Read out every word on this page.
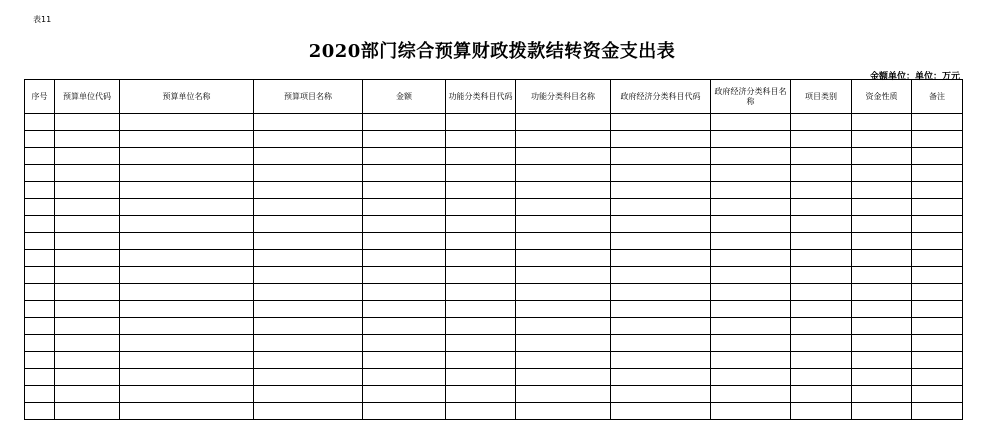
表11
2020部门综合预算财政拨款结转资金支出表
金额单位：单位：万元
序号	预算单位代码	预算单位名称	预算项目名称	金额	功能分类科目代码	功能分类科目名称	政府经济分类科目代码	政府经济分类科目名称	项目类别	资金性质	备注
